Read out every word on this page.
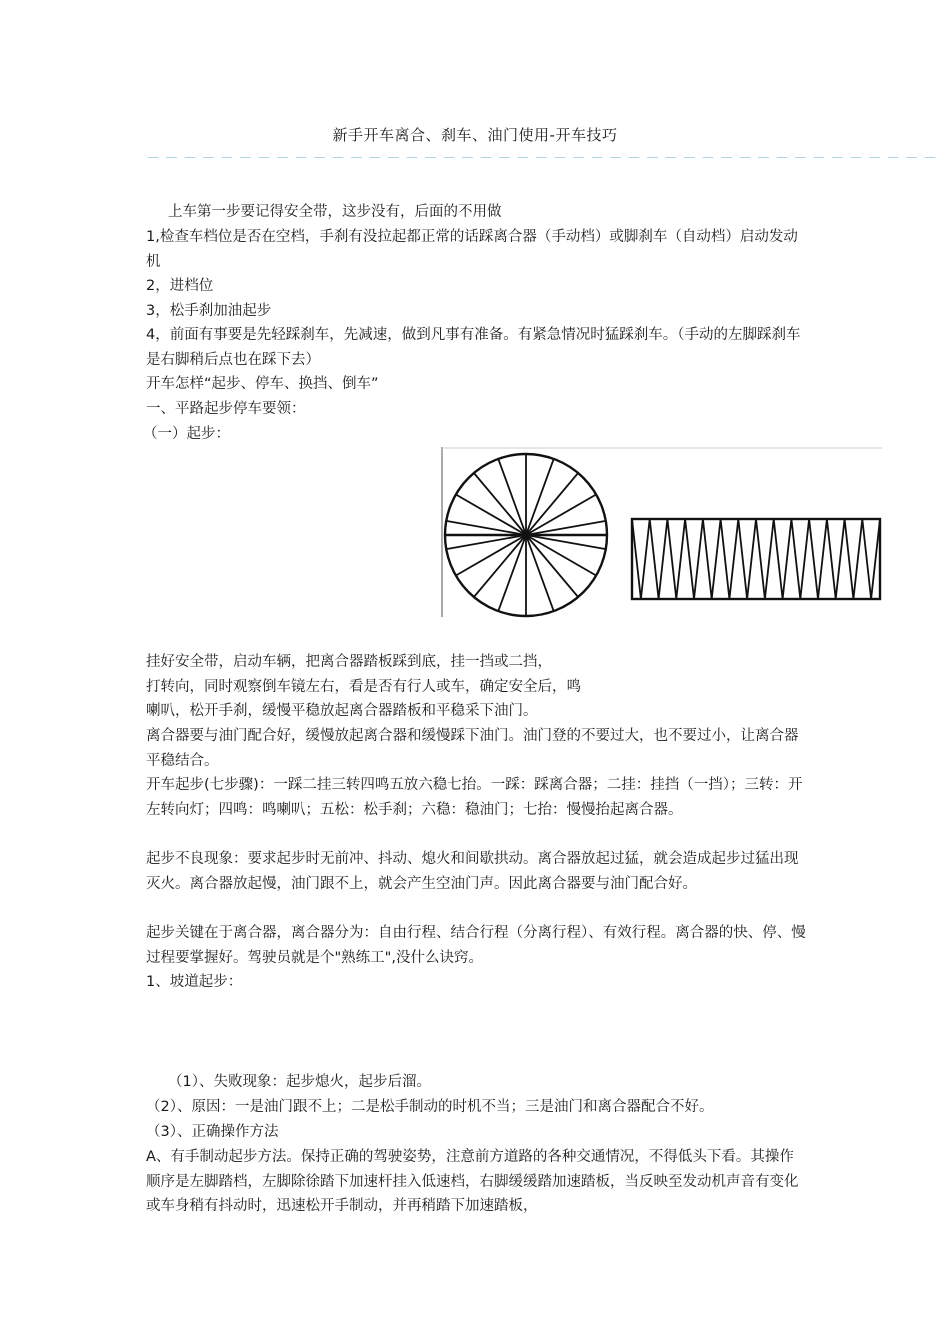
新手开车离合、刹车、油门使用-开车技巧
－－－－－－－－－－－－－－－－－－－－－－－－－－－－－－－－－－－－－－－－－－－

上车第一步要记得安全带，这步没有，后面的不用做

1,检查车档位是否在空档，手刹有没拉起都正常的话踩离合器（手动档）或脚刹车（自动档）启动发动机

2，进档位

3，松手刹加油起步

4，前面有事要是先轻踩刹车，先减速，做到凡事有准备。有紧急情况时猛踩刹车。（手动的左脚踩刹车是右脚稍后点也在踩下去）

开车怎样“起步、停车、换挡、倒车”

一、平路起步停车要领：

（一）起步：

挂好安全带，启动车辆，把离合器踏板踩到底，挂一挡或二挡，

打转向，同时观察倒车镜左右，看是否有行人或车，确定安全后，鸣

喇叭，松开手刹，缓慢平稳放起离合器踏板和平稳采下油门。

离合器要与油门配合好，缓慢放起离合器和缓慢踩下油门。油门登的不要过大，也不要过小，让离合器平稳结合。

开车起步(七步骤)：一踩二挂三转四鸣五放六稳七抬。一踩：踩离合器；二挂：挂挡（一挡）；三转：开左转向灯；四鸣：鸣喇叭；五松：松手刹；六稳：稳油门；七抬：慢慢抬起离合器。

起步不良现象：要求起步时无前冲、抖动、熄火和间歇拱动。离合器放起过猛，就会造成起步过猛出现灭火。离合器放起慢，油门跟不上，就会产生空油门声。因此离合器要与油门配合好。

起步关键在于离合器，离合器分为：自由行程、结合行程（分离行程）、有效行程。离合器的快、停、慢过程要掌握好。驾驶员就是个"熟练工",没什么诀窍。

1、坡道起步：

（1）、失败现象：起步熄火，起步后溜。

（2）、原因：一是油门跟不上；二是松手制动的时机不当；三是油门和离合器配合不好。

（3）、正确操作方法

A、有手制动起步方法。保持正确的驾驶姿势，注意前方道路的各种交通情况，不得低头下看。其操作顺序是左脚踏档，左脚除徐踏下加速杆挂入低速档，右脚缓缓踏加速踏板，当反映至发动机声音有变化或车身稍有抖动时，迅速松开手制动，并再稍踏下加速踏板，
